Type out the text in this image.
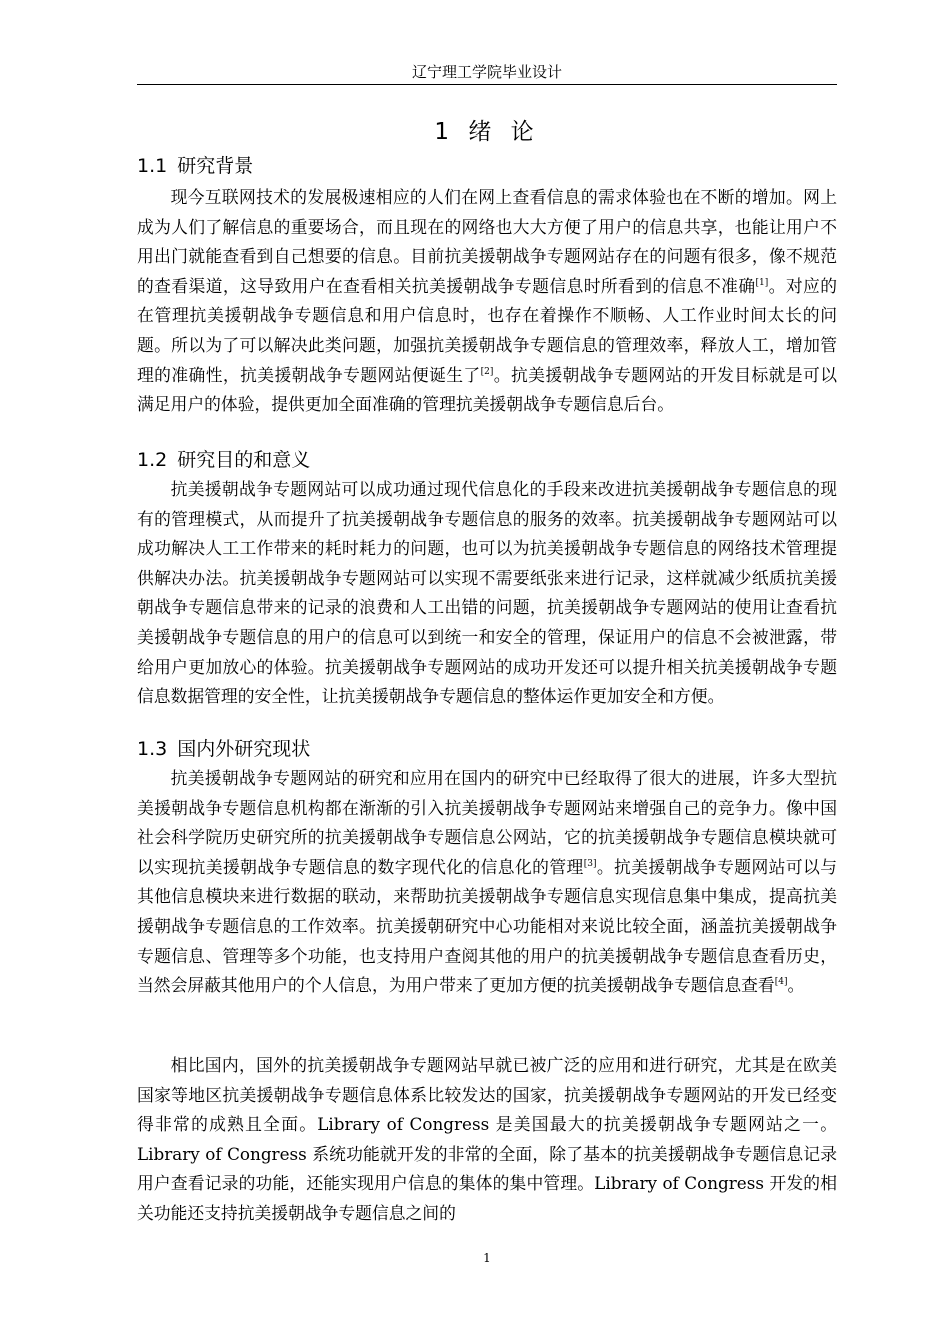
辽宁理工学院毕业设计
1 绪 论
1.1 研究背景
现今互联网技术的发展极速相应的人们在网上查看信息的需求体验也在不断的增加。网上成为人们了解信息的重要场合，而且现在的网络也大大方便了用户的信息共享，也能让用户不用出门就能查看到自己想要的信息。目前抗美援朝战争专题网站存在的问题有很多，像不规范的查看渠道，这导致用户在查看相关抗美援朝战争专题信息时所看到的信息不准确[1]。对应的在管理抗美援朝战争专题信息和用户信息时，也存在着操作不顺畅、人工作业时间太长的问题。所以为了可以解决此类问题，加强抗美援朝战争专题信息的管理效率，释放人工，增加管理的准确性，抗美援朝战争专题网站便诞生了[2]。抗美援朝战争专题网站的开发目标就是可以满足用户的体验，提供更加全面准确的管理抗美援朝战争专题信息后台。
1.2 研究目的和意义
抗美援朝战争专题网站可以成功通过现代信息化的手段来改进抗美援朝战争专题信息的现有的管理模式，从而提升了抗美援朝战争专题信息的服务的效率。抗美援朝战争专题网站可以成功解决人工工作带来的耗时耗力的问题，也可以为抗美援朝战争专题信息的网络技术管理提供解决办法。抗美援朝战争专题网站可以实现不需要纸张来进行记录，这样就减少纸质抗美援朝战争专题信息带来的记录的浪费和人工出错的问题，抗美援朝战争专题网站的使用让查看抗美援朝战争专题信息的用户的信息可以到统一和安全的管理，保证用户的信息不会被泄露，带给用户更加放心的体验。抗美援朝战争专题网站的成功开发还可以提升相关抗美援朝战争专题信息数据管理的安全性，让抗美援朝战争专题信息的整体运作更加安全和方便。
1.3 国内外研究现状
抗美援朝战争专题网站的研究和应用在国内的研究中已经取得了很大的进展，许多大型抗美援朝战争专题信息机构都在渐渐的引入抗美援朝战争专题网站来增强自己的竞争力。像中国社会科学院历史研究所的抗美援朝战争专题信息公网站，它的抗美援朝战争专题信息模块就可以实现抗美援朝战争专题信息的数字现代化的信息化的管理[3]。抗美援朝战争专题网站可以与其他信息模块来进行数据的联动，来帮助抗美援朝战争专题信息实现信息集中集成，提高抗美援朝战争专题信息的工作效率。抗美援朝研究中心功能相对来说比较全面，涵盖抗美援朝战争专题信息、管理等多个功能，也支持用户查阅其他的用户的抗美援朝战争专题信息查看历史，当然会屏蔽其他用户的个人信息，为用户带来了更加方便的抗美援朝战争专题信息查看[4]。
相比国内，国外的抗美援朝战争专题网站早就已被广泛的应用和进行研究，尤其是在欧美国家等地区抗美援朝战争专题信息体系比较发达的国家，抗美援朝战争专题网站的开发已经变得非常的成熟且全面。Library of Congress 是美国最大的抗美援朝战争专题网站之一。Library of Congress 系统功能就开发的非常的全面，除了基本的抗美援朝战争专题信息记录用户查看记录的功能，还能实现用户信息的集体的集中管理。Library of Congress 开发的相关功能还支持抗美援朝战争专题信息之间的
1
